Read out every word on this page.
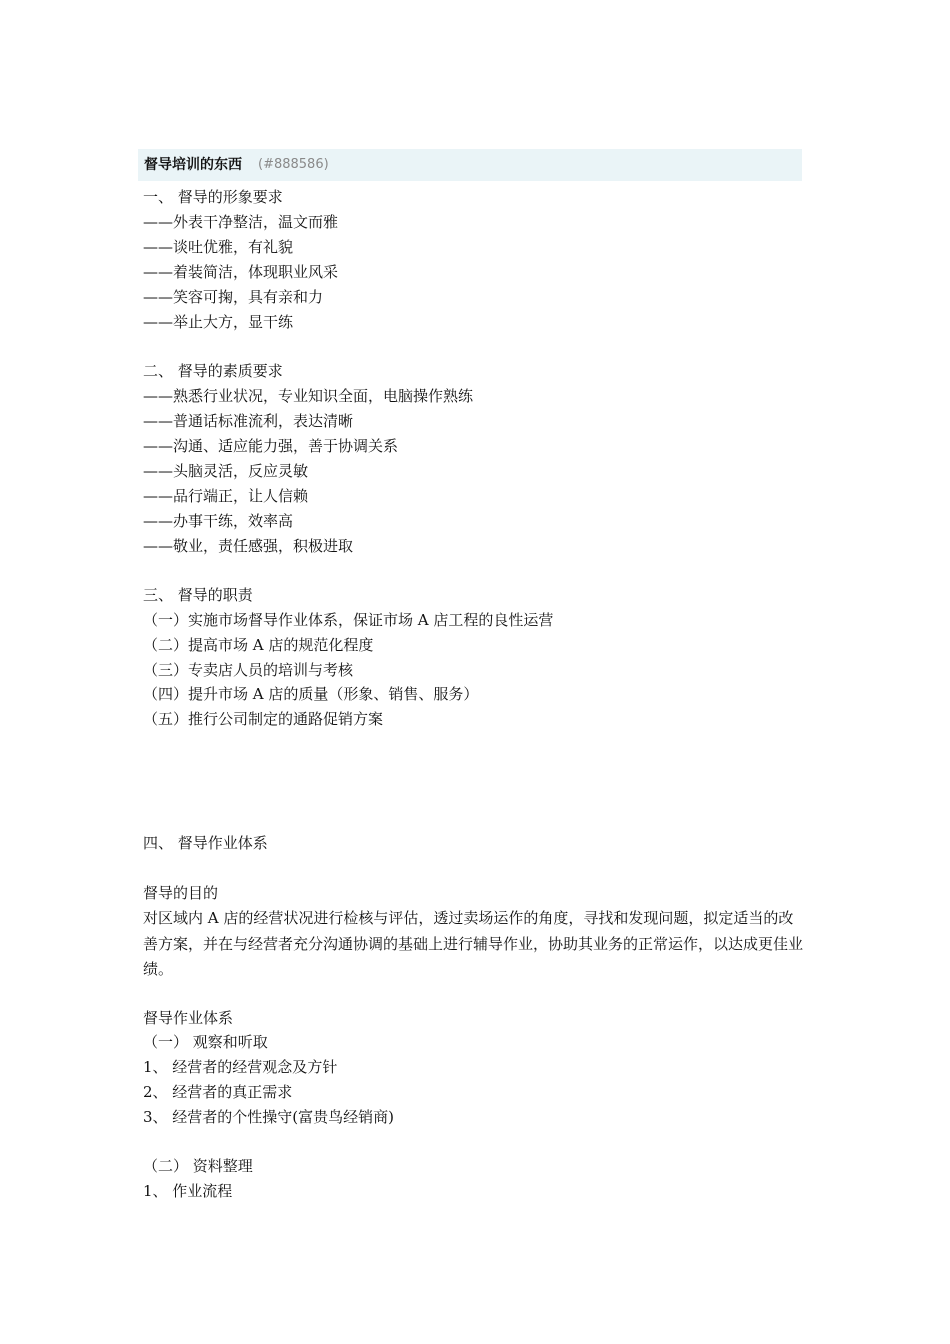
督导培训的东西 (#888586)
一、 督导的形象要求
——外表干净整洁，温文而雅
——谈吐优雅，有礼貌
——着装简洁，体现职业风采
——笑容可掬，具有亲和力
——举止大方，显干练
二、 督导的素质要求
——熟悉行业状况，专业知识全面，电脑操作熟练
——普通话标准流利，表达清晰
——沟通、适应能力强，善于协调关系
——头脑灵活，反应灵敏
——品行端正，让人信赖
——办事干练，效率高
——敬业，责任感强，积极进取
三、 督导的职责
（一）实施市场督导作业体系，保证市场 A 店工程的良性运营
（二）提高市场 A 店的规范化程度
（三）专卖店人员的培训与考核
（四）提升市场 A 店的质量（形象、销售、服务）
（五）推行公司制定的通路促销方案
四、 督导作业体系
督导的目的
对区域内 A 店的经营状况进行检核与评估，透过卖场运作的角度，寻找和发现问题，拟定适当的改善方案，并在与经营者充分沟通协调的基础上进行辅导作业，协助其业务的正常运作，以达成更佳业绩。
督导作业体系
（一） 观察和听取
1、 经营者的经营观念及方针
2、 经营者的真正需求
3、 经营者的个性操守(富贵鸟经销商)
（二） 资料整理
1、 作业流程
